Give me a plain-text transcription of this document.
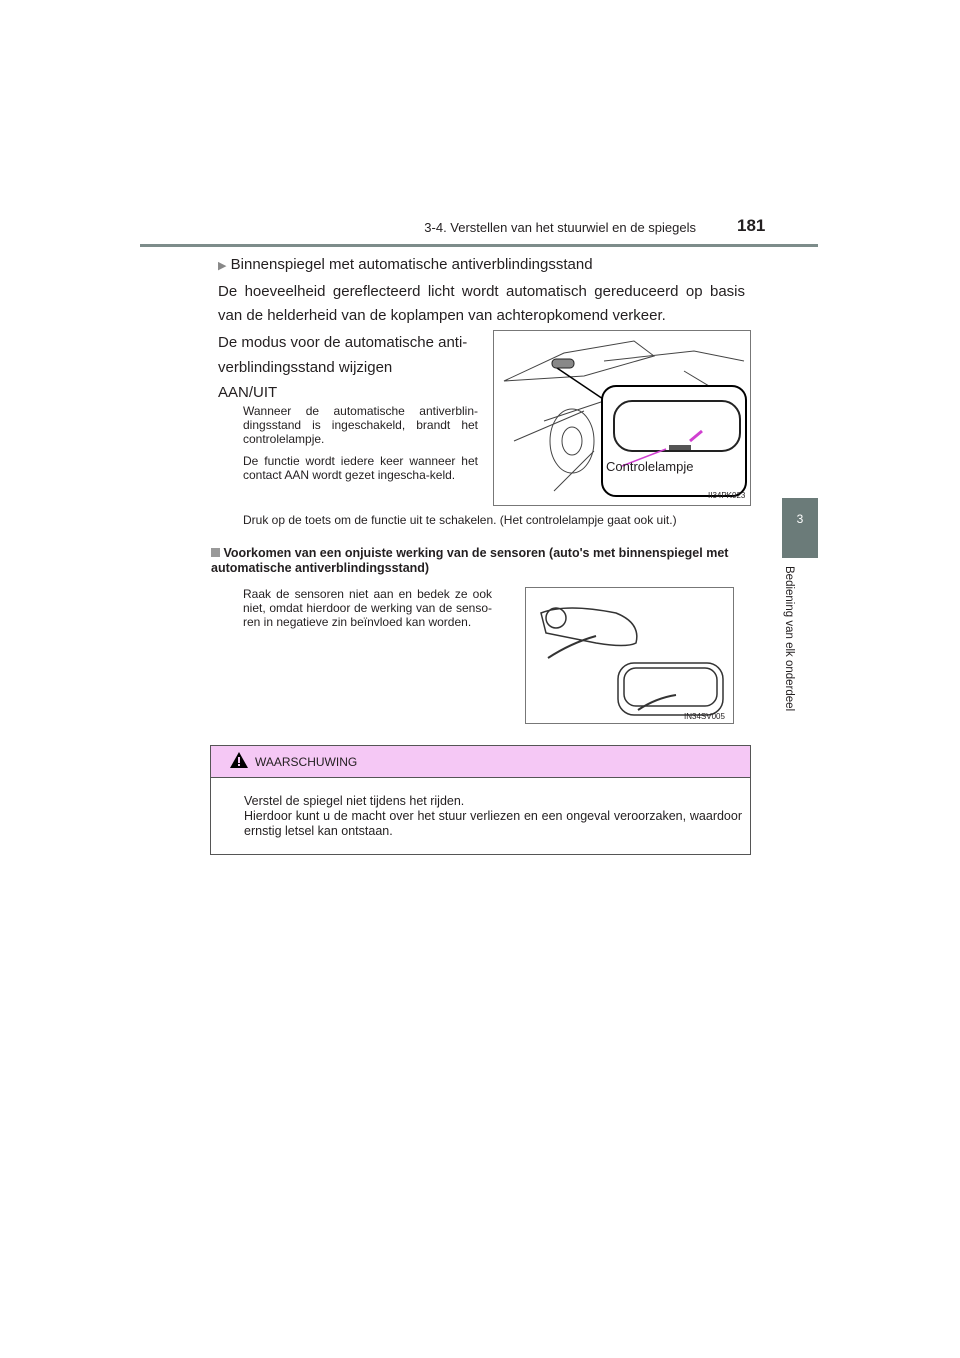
3-4. Verstellen van het stuurwiel en de spiegels 181
3
Bediening van elk onderdeel
▶ Binnenspiegel met automatische antiverblindingsstand
De hoeveelheid gereflecteerd licht wordt automatisch gereduceerd op basis van de helderheid van de koplampen van achteropkomend verkeer.
De modus voor de automatische anti-
verblindingsstand wijzigen
AAN/UIT
Wanneer de automatische antiverblin-dingsstand is ingeschakeld, brandt het controlelampje.
De functie wordt iedere keer wanneer het contact AAN wordt gezet ingescha-keld.
Druk op de toets om de functie uit te schakelen. (Het controlelampje gaat ook uit.)
Controlelampje
II34PK023
Voorkomen van een onjuiste werking van de sensoren (auto's met binnenspiegel met automatische antiverblindingsstand)
Raak de sensoren niet aan en bedek ze ook niet, omdat hierdoor de werking van de senso-ren in negatieve zin beïnvloed kan worden.
IN34SV005
WAARSCHUWING
Verstel de spiegel niet tijdens het rijden.
Hierdoor kunt u de macht over het stuur verliezen en een ongeval veroorzaken, waardoor ernstig letsel kan ontstaan.
